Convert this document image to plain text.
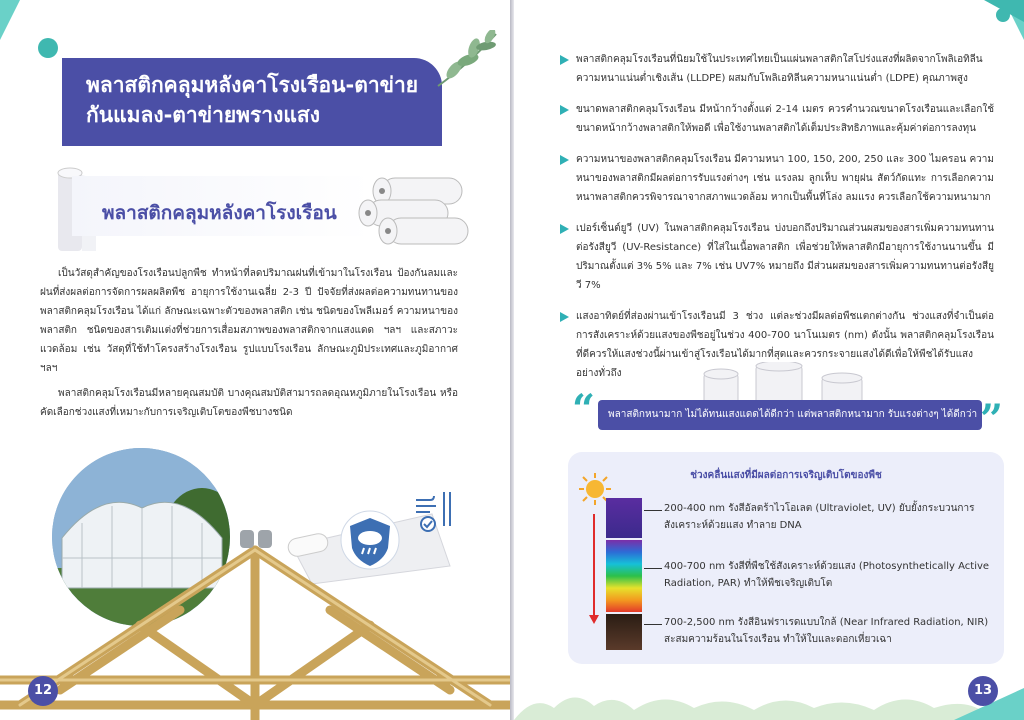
พลาสติกคลุมหลังคาโรงเรือน-ตาข่าย
กันแมลง-ตาข่ายพรางแสง
พลาสติกคลุมหลังคาโรงเรือน
เป็นวัสดุสำคัญของโรงเรือนปลูกพืช ทำหน้าที่ลดปริมาณฝนที่เข้ามาในโรงเรือน ป้องกันลมและฝนที่ส่งผลต่อการจัดการผลผลิตพืช อายุการใช้งานเฉลี่ย 2-3 ปี ปัจจัยที่ส่งผลต่อความทนทานของพลาสติกคลุมโรงเรือน ได้แก่ ลักษณะเฉพาะตัวของพลาสติก เช่น ชนิดของโพลีเมอร์ ความหนาของพลาสติก ชนิดของสารเติมแต่งที่ช่วยการเสื่อมสภาพของพลาสติกจากแสงแดด ฯลฯ และสภาวะแวดล้อม เช่น วัสดุที่ใช้ทำโครงสร้างโรงเรือน รูปแบบโรงเรือน ลักษณะภูมิประเทศและภูมิอากาศ ฯลฯ
พลาสติกคลุมโรงเรือนมีหลายคุณสมบัติ บางคุณสมบัติสามารถลดอุณหภูมิภายในโรงเรือน หรือคัดเลือกช่วงแสงที่เหมาะกับการเจริญเติบโตของพืชบางชนิด
12
พลาสติกคลุมโรงเรือนที่นิยมใช้ในประเทศไทยเป็นแผ่นพลาสติกใสโปร่งแสงที่ผลิตจากโพลิเอทิลีนความหนาแน่นต่ำเชิงเส้น (LLDPE) ผสมกับโพลิเอทิลีนความหนาแน่นต่ำ (LDPE) คุณภาพสูง
ขนาดพลาสติกคลุมโรงเรือน มีหน้ากว้างตั้งแต่ 2-14 เมตร ควรคำนวณขนาดโรงเรือนและเลือกใช้ขนาดหน้ากว้างพลาสติกให้พอดี เพื่อใช้งานพลาสติกได้เต็มประสิทธิภาพและคุ้มค่าต่อการลงทุน
ความหนาของพลาสติกคลุมโรงเรือน มีความหนา 100, 150, 200, 250 และ 300 ไมครอน ความหนาของพลาสติกมีผลต่อการรับแรงต่างๆ เช่น แรงลม ลูกเห็บ พายุฝน สัตว์กัดแทะ การเลือกความหนาพลาสติกควรพิจารณาจากสภาพแวดล้อม หากเป็นพื้นที่โล่ง ลมแรง ควรเลือกใช้ความหนามาก
เปอร์เซ็นต์ยูวี (UV) ในพลาสติกคลุมโรงเรือน บ่งบอกถึงปริมาณส่วนผสมของสารเพิ่มความทนทานต่อรังสียูวี (UV-Resistance) ที่ใส่ในเนื้อพลาสติก เพื่อช่วยให้พลาสติกมีอายุการใช้งานนานขึ้น มีปริมาณตั้งแต่ 3% 5% และ 7% เช่น UV7% หมายถึง มีส่วนผสมของสารเพิ่มความทนทานต่อรังสียูวี 7%
แสงอาทิตย์ที่ส่องผ่านเข้าโรงเรือนมี 3 ช่วง แต่ละช่วงมีผลต่อพืชแตกต่างกัน ช่วงแสงที่จำเป็นต่อการสังเคราะห์ด้วยแสงของพืชอยู่ในช่วง 400-700 นาโนเมตร (nm) ดังนั้น พลาสติกคลุมโรงเรือนที่ดีควรให้แสงช่วงนี้ผ่านเข้าสู่โรงเรือนได้มากที่สุดและควรกระจายแสงได้ดีเพื่อให้พืชได้รับแสงอย่างทั่วถึง
“	พลาสติกหนามาก ไม่ได้ทนแสงแดดได้ดีกว่า แต่พลาสติกหนามาก รับแรงต่างๆ ได้ดีกว่า ”
ช่วงคลื่นแสงที่มีผลต่อการเจริญเติบโตของพืช
200-400 nm รังสีอัลตร้าไวโอเลต (Ultraviolet, UV) ยับยั้งกระบวนการสังเคราะห์ด้วยแสง ทำลาย DNA
400-700 nm รังสีที่พืชใช้สังเคราะห์ด้วยแสง (Photosynthetically Active Radiation, PAR) ทำให้พืชเจริญเติบโต
700-2,500 nm รังสีอินฟราเรดแบบใกล้ (Near Infrared Radiation, NIR) สะสมความร้อนในโรงเรือน ทำให้ใบและดอกเหี่ยวเฉา
13
